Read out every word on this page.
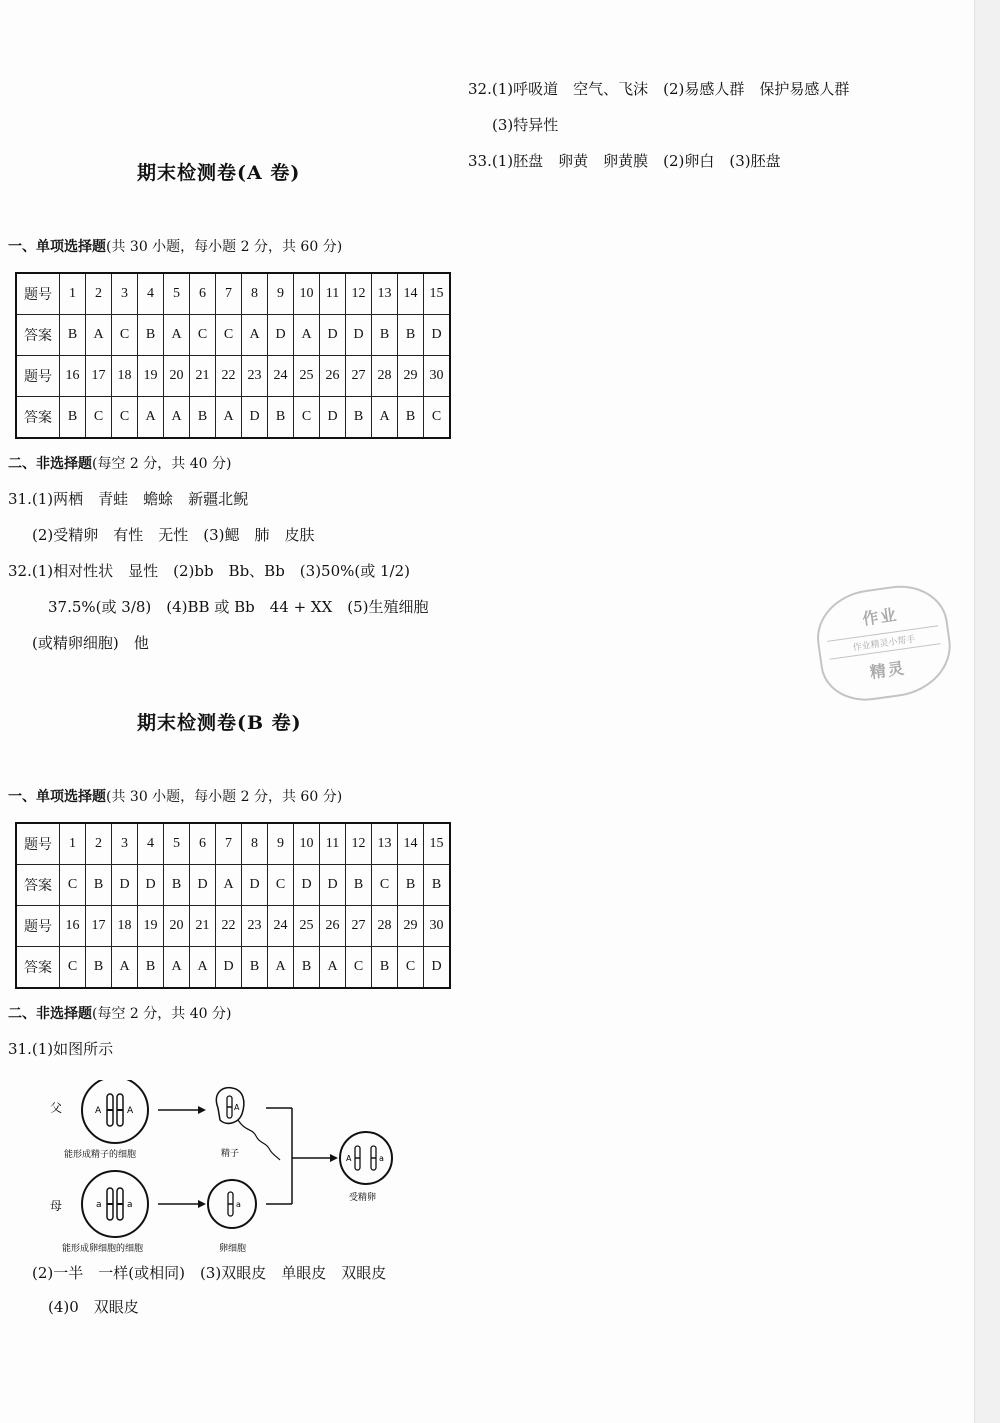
32.(1)呼吸道　空气、飞沫　(2)易感人群　保护易感人群
(3)特异性
33.(1)胚盘　卵黄　卵黄膜　(2)卵白　(3)胚盘
期末检测卷(A 卷)
一、单项选择题(共 30 小题，每小题 2 分，共 60 分)
题号	1	2	3	4	5	6	7	8	9	10	11	12	13	14	15
答案	B	A	C	B	A	C	C	A	D	A	D	D	B	B	D
题号	16	17	18	19	20	21	22	23	24	25	26	27	28	29	30
答案	B	C	C	A	A	B	A	D	B	C	D	B	A	B	C
二、非选择题(每空 2 分，共 40 分)
31.(1)两栖　青蛙　蟾蜍　新疆北鲵
(2)受精卵　有性　无性　(3)鳃　肺　皮肤
32.(1)相对性状　显性　(2)bb　Bb、Bb　(3)50%(或 1/2)
37.5%(或 3/8)　(4)BB 或 Bb　44 + XX　(5)生殖细胞
(或精卵细胞)　他
期末检测卷(B 卷)
一、单项选择题(共 30 小题，每小题 2 分，共 60 分)
题号	1	2	3	4	5	6	7	8	9	10	11	12	13	14	15
答案	C	B	D	D	B	D	A	D	C	D	D	B	C	B	B
题号	16	17	18	19	20	21	22	23	24	25	26	27	28	29	30
答案	C	B	A	B	A	A	D	B	A	B	A	C	B	C	D
二、非选择题(每空 2 分，共 40 分)
31.(1)如图所示
父	A	A
能形成精子的细胞
A
精子
母	a	a
能形成卵细胞的细胞
a
卵细胞
A	a
受精卵
(2)一半　一样(或相同)　(3)双眼皮　单眼皮　双眼皮
(4)0　双眼皮
作业
作业精灵小帮手
精灵
